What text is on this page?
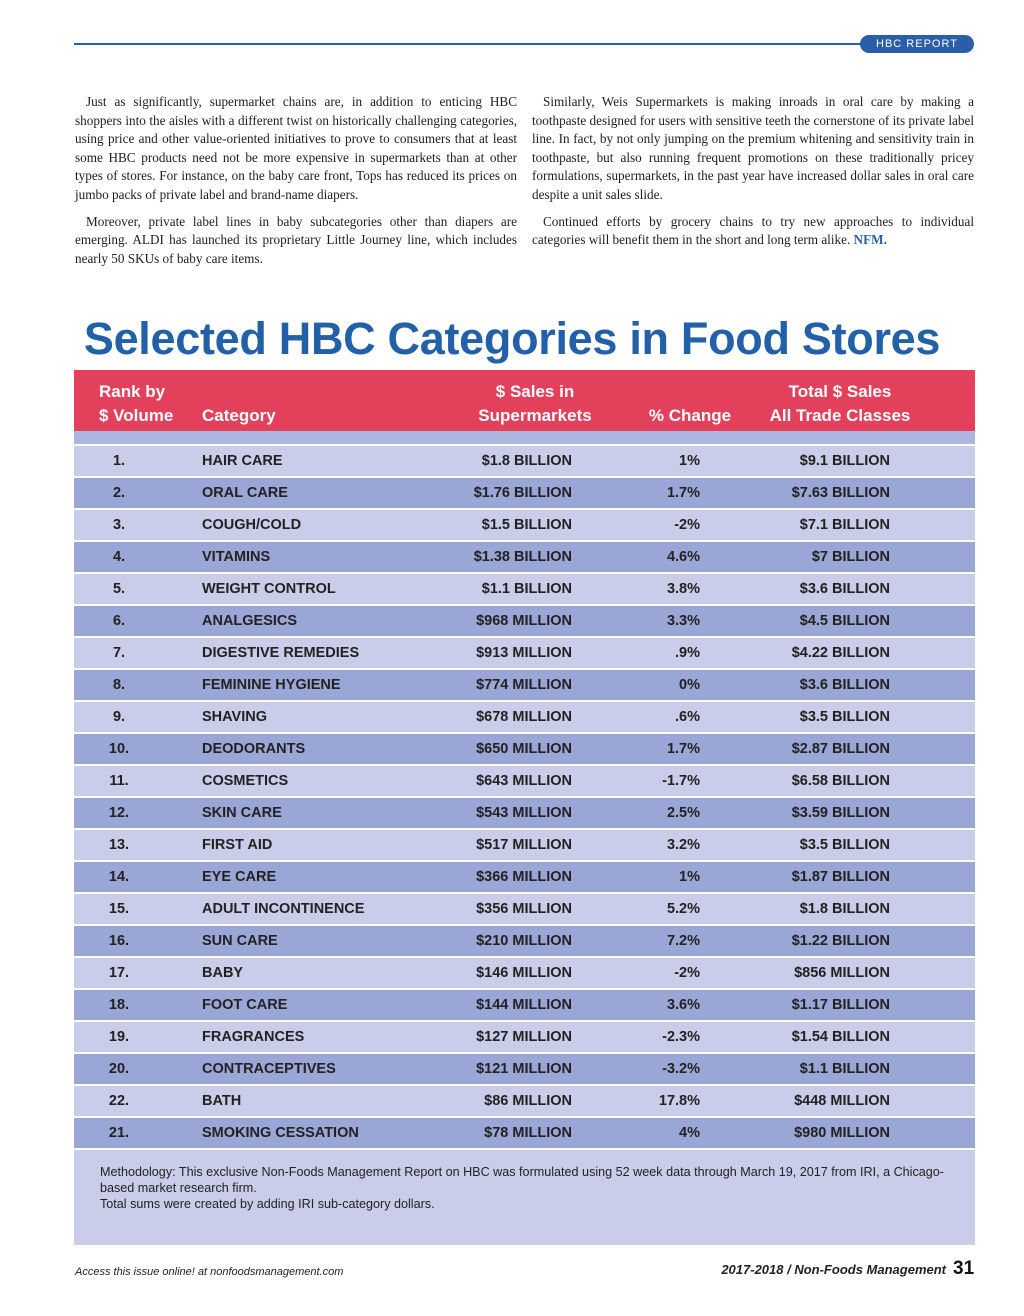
HBC REPORT

Just as significantly, supermarket chains are, in addition to enticing HBC shoppers into the aisles with a different twist on historically challenging categories, using price and other value-oriented initiatives to prove to consumers that at least some HBC products need not be more expensive in supermarkets than at other types of stores. For instance, on the baby care front, Tops has reduced its prices on jumbo packs of private label and brand-name diapers.

Moreover, private label lines in baby subcategories other than diapers are emerging. ALDI has launched its proprietary Little Journey line, which includes nearly 50 SKUs of baby care items.

Similarly, Weis Supermarkets is making inroads in oral care by making a toothpaste designed for users with sensitive teeth the cornerstone of its private label line. In fact, by not only jumping on the premium whitening and sensitivity train in toothpaste, but also running frequent promotions on these traditionally pricey formulations, supermarkets, in the past year have increased dollar sales in oral care despite a unit sales slide.

Continued efforts by grocery chains to try new approaches to individual categories will benefit them in the short and long term alike. NFM.

Selected HBC Categories in Food Stores
Rank by
$ Volume Category
$ Sales in
Supermarkets	% Change
Total $ Sales
All Trade Classes
1.	HAIR CARE	$1.8 BILLION	1%	$9.1 BILLION
2.	ORAL CARE	$1.76 BILLION	1.7%	$7.63 BILLION
3.	COUGH/COLD	$1.5 BILLION	-2%	$7.1 BILLION
4.	VITAMINS	$1.38 BILLION	4.6%	$7 BILLION
5.	WEIGHT CONTROL	$1.1 BILLION	3.8%	$3.6 BILLION
6.	ANALGESICS	$968 MILLION	3.3%	$4.5 BILLION
7.	DIGESTIVE REMEDIES	$913 MILLION	.9%	$4.22 BILLION
8.	FEMININE HYGIENE	$774 MILLION	0%	$3.6 BILLION
9.	SHAVING	$678 MILLION	.6%	$3.5 BILLION
10.	DEODORANTS	$650 MILLION	1.7%	$2.87 BILLION
11.	COSMETICS	$643 MILLION	-1.7%	$6.58 BILLION
12.	SKIN CARE	$543 MILLION	2.5%	$3.59 BILLION
13.	FIRST AID	$517 MILLION	3.2%	$3.5 BILLION
14.	EYE CARE	$366 MILLION	1%	$1.87 BILLION
15.	ADULT INCONTINENCE	$356 MILLION	5.2%	$1.8 BILLION
16.	SUN CARE	$210 MILLION	7.2%	$1.22 BILLION
17.	BABY	$146 MILLION	-2%	$856 MILLION
18.	FOOT CARE	$144 MILLION	3.6%	$1.17 BILLION
19.	FRAGRANCES	$127 MILLION	-2.3%	$1.54 BILLION
20.	CONTRACEPTIVES	$121 MILLION	-3.2%	$1.1 BILLION
22.	BATH	$86 MILLION	17.8%	$448 MILLION
21.	SMOKING CESSATION	$78 MILLION	4%	$980 MILLION
Methodology: This exclusive Non-Foods Management Report on HBC was formulated using 52 week data through March 19, 2017 from IRI, a Chicago-based market research firm.
Total sums were created by adding IRI sub-category dollars.
Access this issue online! at nonfoodsmanagement.com	2017-2018 / Non-Foods Management 31
